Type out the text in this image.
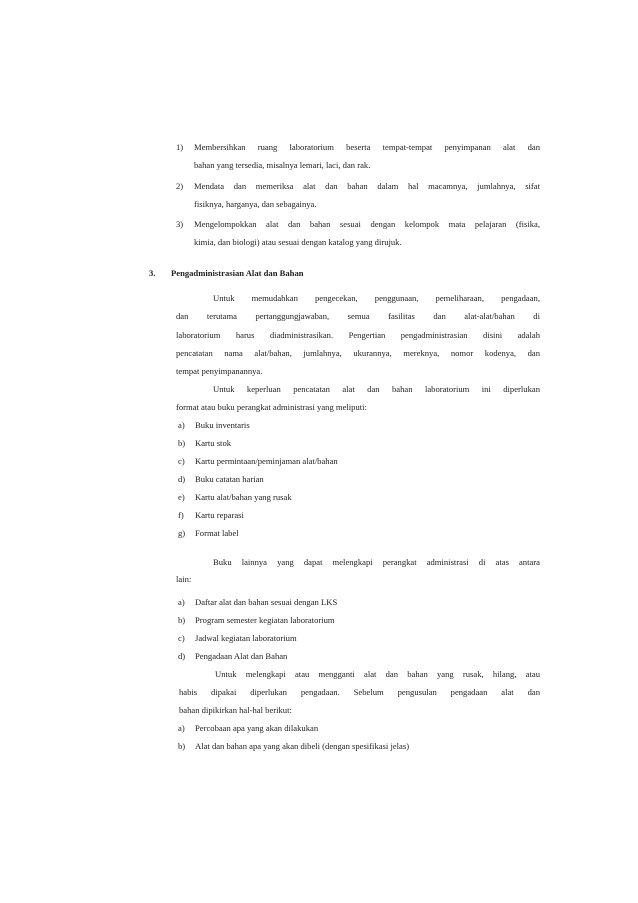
1) Membersihkan ruang laboratorium beserta tempat-tempat penyimpanan alat dan
bahan yang tersedia, misalnya lemari, laci, dan rak.
2) Mendata dan memeriksa alat dan bahan dalam hal macamnya, jumlahnya, sifat
fisiknya, harganya, dan sebagainya.
3) Mengelompokkan alat dan bahan sesuai dengan kelompok mata pelajaran (fisika,
kimia, dan biologi) atau sesuai dengan katalog yang dirujuk.
3. Pengadministrasian Alat dan Bahan
Untuk memudahkan pengecekan, penggunaan, pemeliharaan, pengadaan,
dan terutama pertanggungjawaban, semua fasilitas dan alat-alat/bahan di
laboratorium harus diadministrasikan. Pengertian pengadministrasian disini adalah
pencatatan nama alat/bahan, jumlahnya, ukurannya, mereknya, nomor kodenya, dan
tempat penyimpanannya.
Untuk keperluan pencatatan alat dan bahan laboratorium ini diperlukan
format atau buku perangkat administrasi yang meliputi:
a) Buku inventaris
b) Kartu stok
c) Kartu permintaan/peminjaman alat/bahan
d) Buku catatan harian
e) Kartu alat/bahan yang rusak
f) Kartu reparasi
g) Format label
Buku lainnya yang dapat melengkapi perangkat administrasi di atas antara
lain:
a) Daftar alat dan bahan sesuai dengan LKS
b) Program semester kegiatan laboratorium
c) Jadwal kegiatan laboratorium
d) Pengadaan Alat dan Bahan
Untuk melengkapi atau mengganti alat dan bahan yang rusak, hilang, atau
habis dipakai diperlukan pengadaan. Sebelum pengusulan pengadaan alat dan
bahan dipikirkan hal-hal berikut:
a) Percobaan apa yang akan dilakukan
b) Alat dan bahan apa yang akan dibeli (dengan spesifikasi jelas)
